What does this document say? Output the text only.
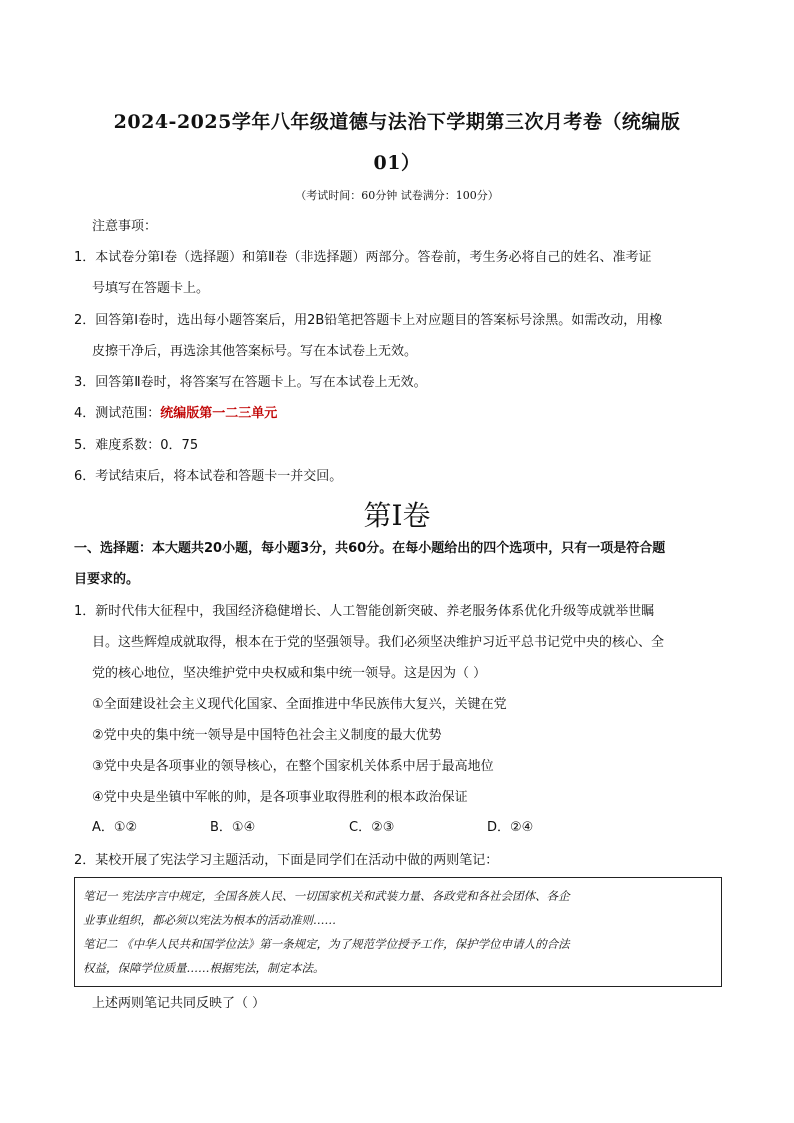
2024-2025学年八年级道德与法治下学期第三次月考卷（统编版
01）
（考试时间：60分钟 试卷满分：100分）
注意事项：
1．本试卷分第Ⅰ卷（选择题）和第Ⅱ卷（非选择题）两部分。答卷前，考生务必将自己的姓名、准考证
号填写在答题卡上。
2．回答第Ⅰ卷时，选出每小题答案后，用2B铅笔把答题卡上对应题目的答案标号涂黑。如需改动，用橡
皮擦干净后，再选涂其他答案标号。写在本试卷上无效。
3．回答第Ⅱ卷时，将答案写在答题卡上。写在本试卷上无效。
4．测试范围：统编版第一二三单元
5．难度系数：0．75
6．考试结束后，将本试卷和答题卡一并交回。
第Ⅰ卷
一、选择题：本大题共20小题，每小题3分，共60分。在每小题给出的四个选项中，只有一项是符合题
目要求的。
1．新时代伟大征程中，我国经济稳健增长、人工智能创新突破、养老服务体系优化升级等成就举世瞩
目。这些辉煌成就取得，根本在于党的坚强领导。我们必须坚决维护习近平总书记党中央的核心、全
党的核心地位，坚决维护党中央权威和集中统一领导。这是因为（ ）
①全面建设社会主义现代化国家、全面推进中华民族伟大复兴，关键在党
②党中央的集中统一领导是中国特色社会主义制度的最大优势
③党中央是各项事业的领导核心，在整个国家机关体系中居于最高地位
④党中央是坐镇中军帐的帅，是各项事业取得胜利的根本政治保证
A．①②	B．①④	C．②③	D．②④
2．某校开展了宪法学习主题活动，下面是同学们在活动中做的两则笔记：
笔记一 宪法序言中规定，全国各族人民、一切国家机关和武装力量、各政党和各社会团体、各企
业事业组织，都必须以宪法为根本的活动准则……
笔记二 《中华人民共和国学位法》第一条规定，为了规范学位授予工作，保护学位申请人的合法
权益，保障学位质量……根据宪法，制定本法。
上述两则笔记共同反映了（ ）
